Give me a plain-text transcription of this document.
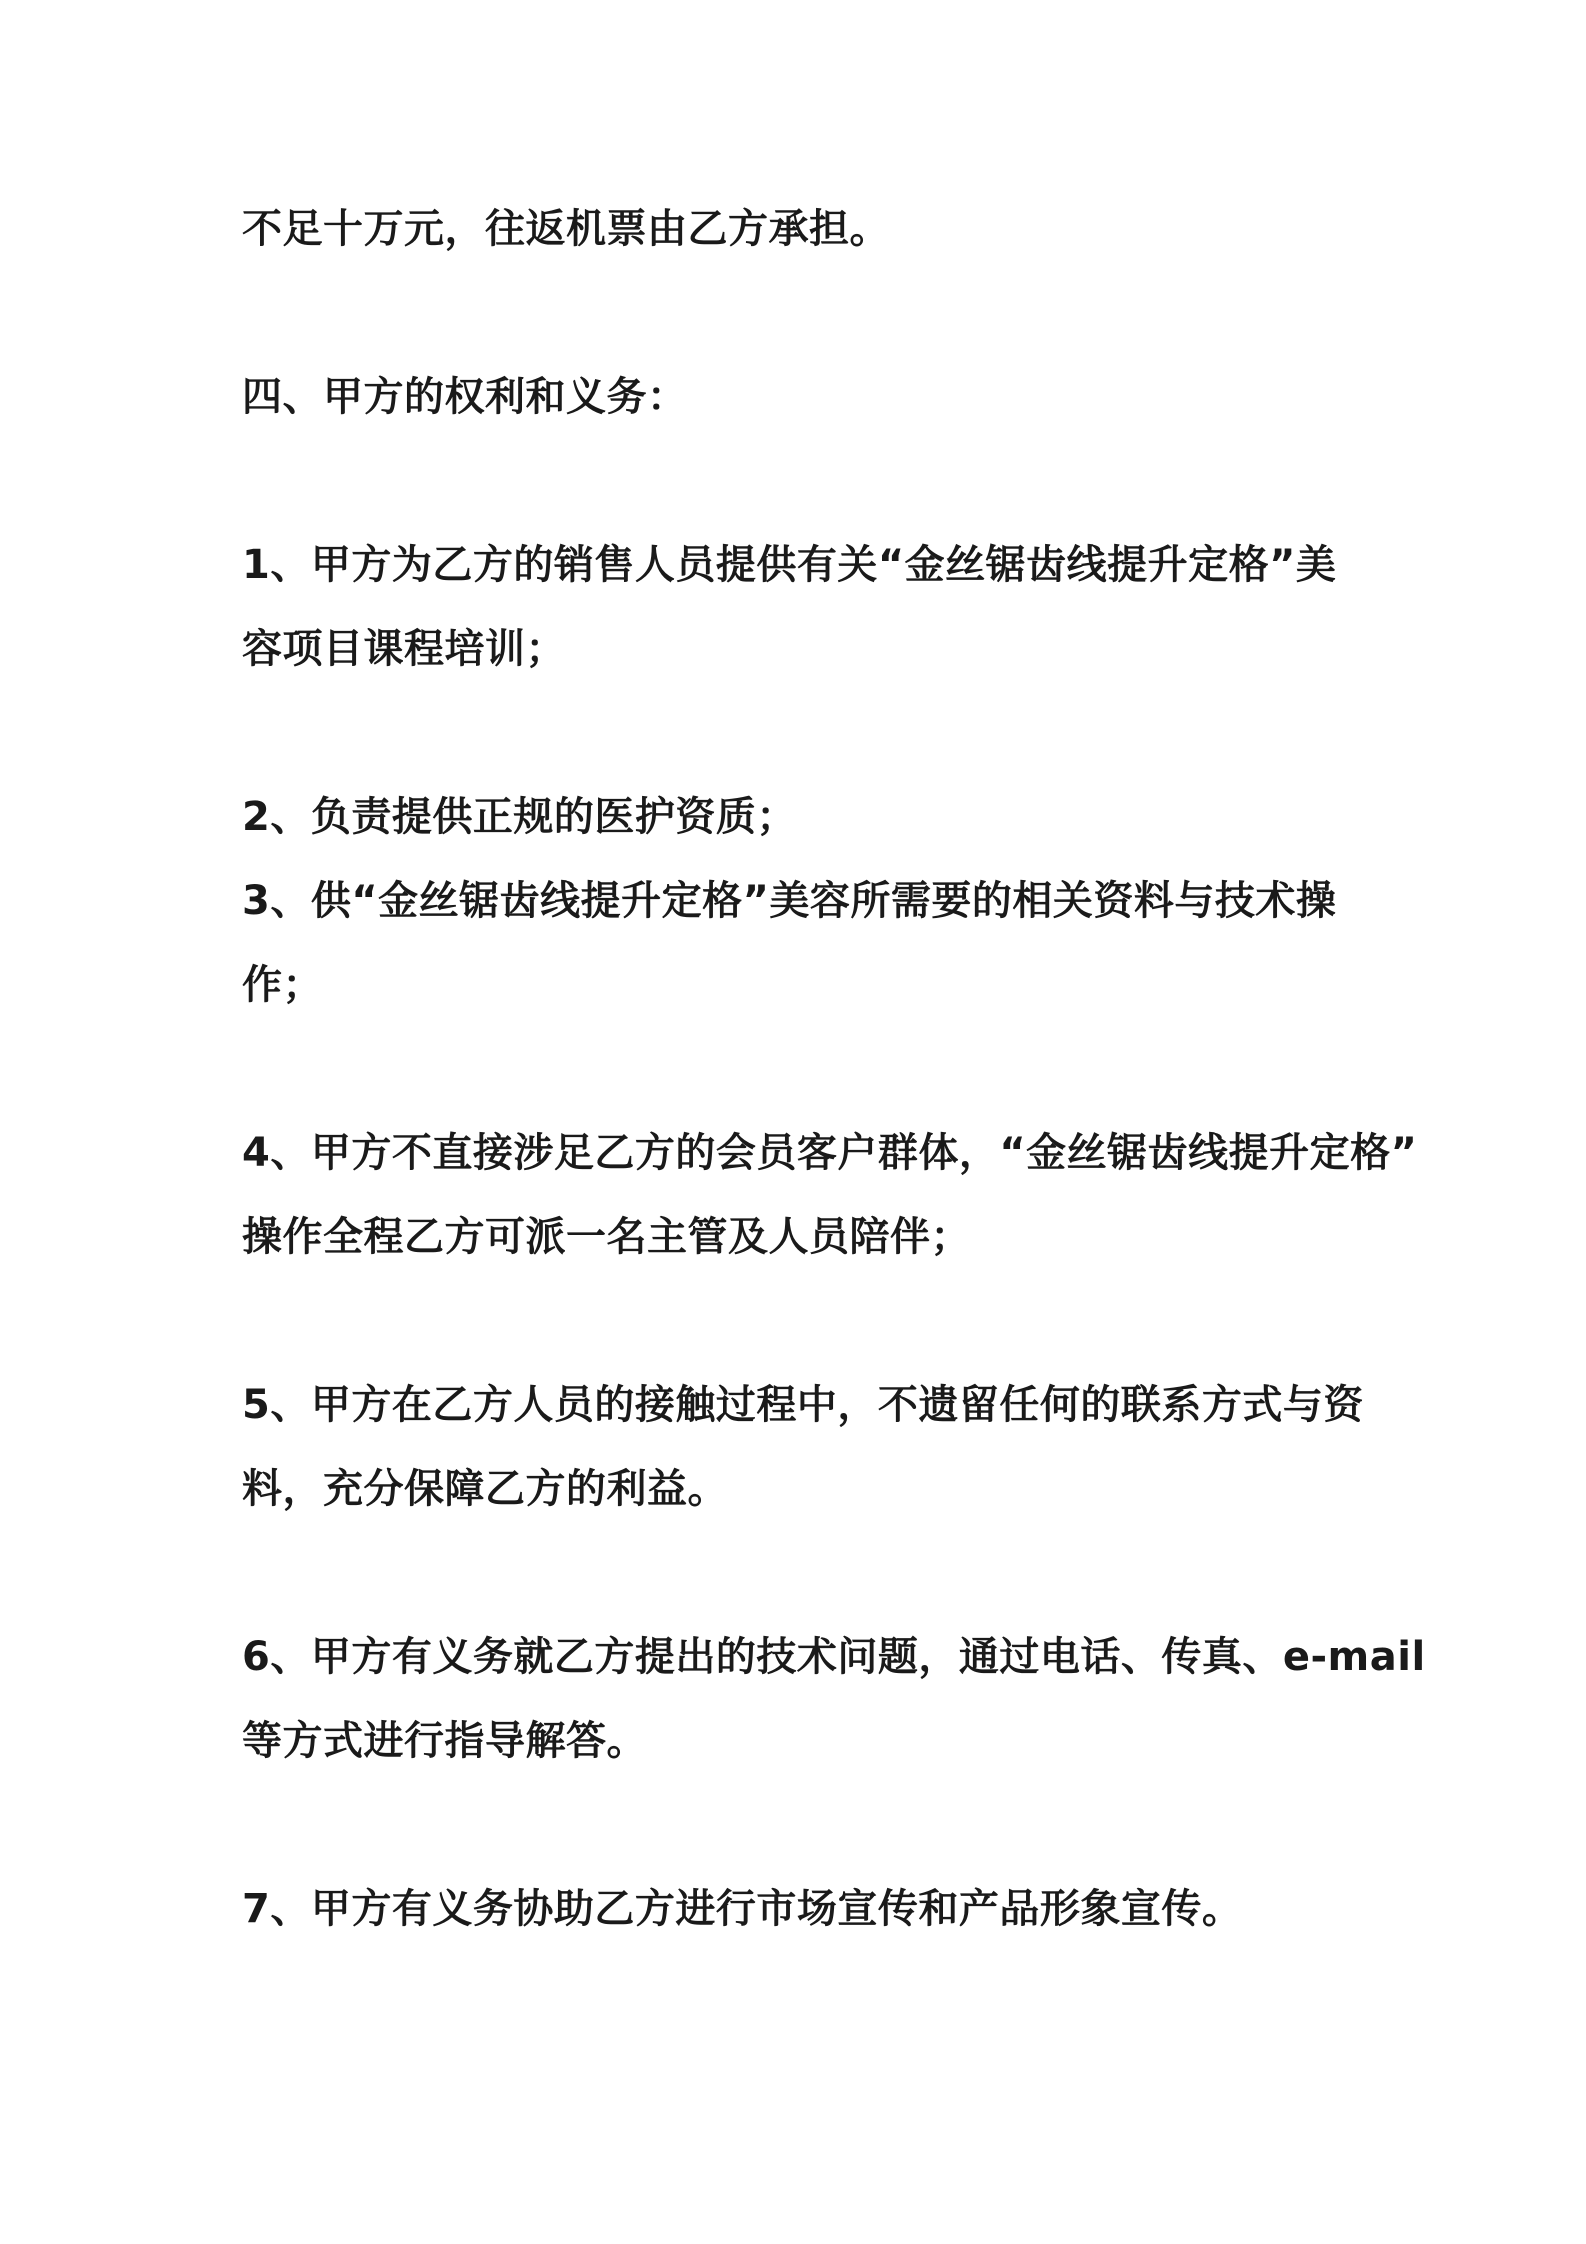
不足十万元，往返机票由乙方承担。

四、甲方的权利和义务：

1、甲方为乙方的销售人员提供有关“金丝锯齿线提升定格”美

容项目课程培训；

2、负责提供正规的医护资质；

3、供“金丝锯齿线提升定格”美容所需要的相关资料与技术操

作；

4、甲方不直接涉足乙方的会员客户群体，“金丝锯齿线提升定格”

操作全程乙方可派一名主管及人员陪伴；

5、甲方在乙方人员的接触过程中，不遗留任何的联系方式与资

料，充分保障乙方的利益。

6、甲方有义务就乙方提出的技术问题，通过电话、传真、e-mail

等方式进行指导解答。

7、甲方有义务协助乙方进行市场宣传和产品形象宣传。
